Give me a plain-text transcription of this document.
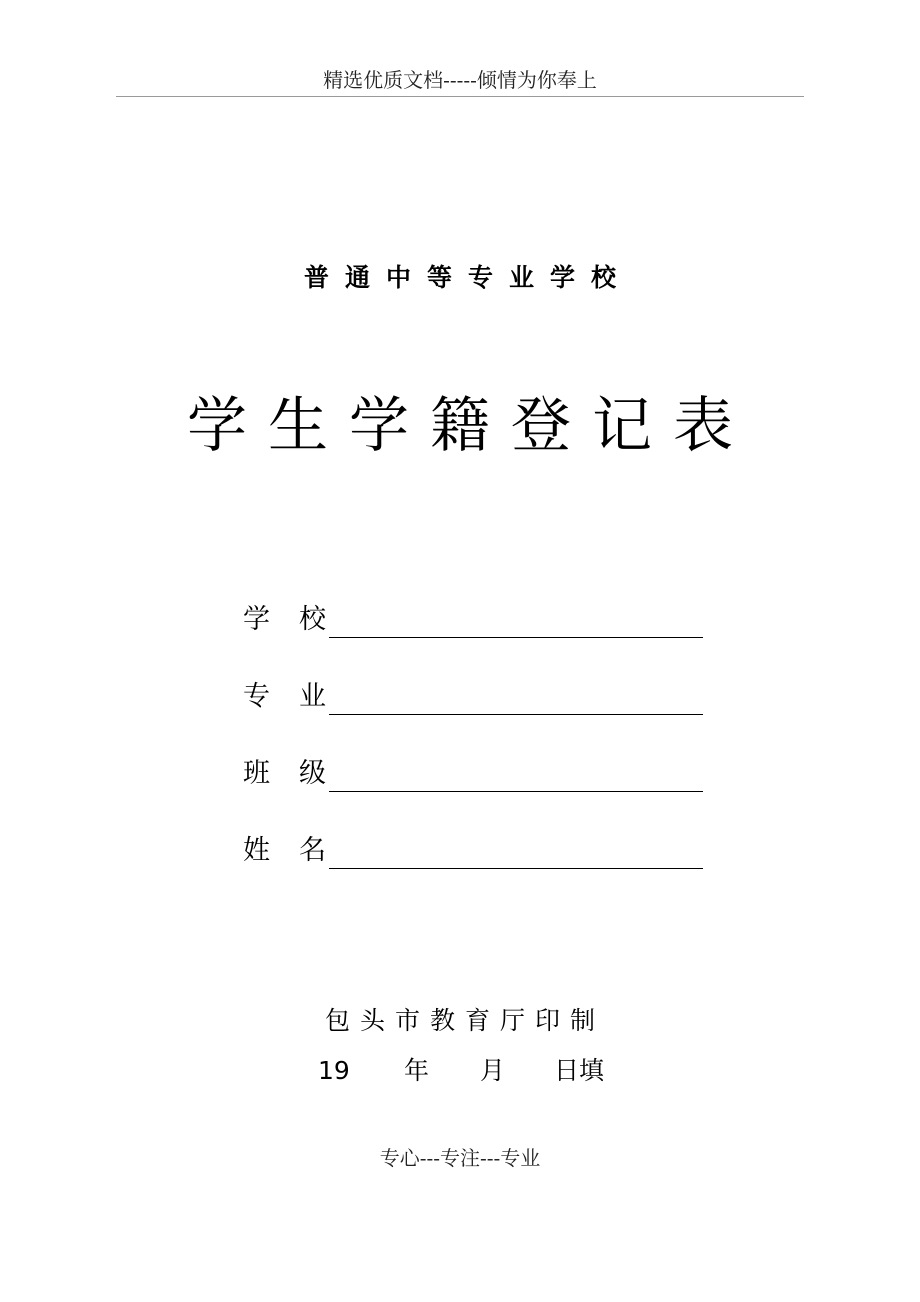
精选优质文档-----倾情为你奉上
普通中等专业学校
学生学籍登记表
学校
专业
班级
姓名
包头市教育厅印制
19 年 月 日填
专心---专注---专业
